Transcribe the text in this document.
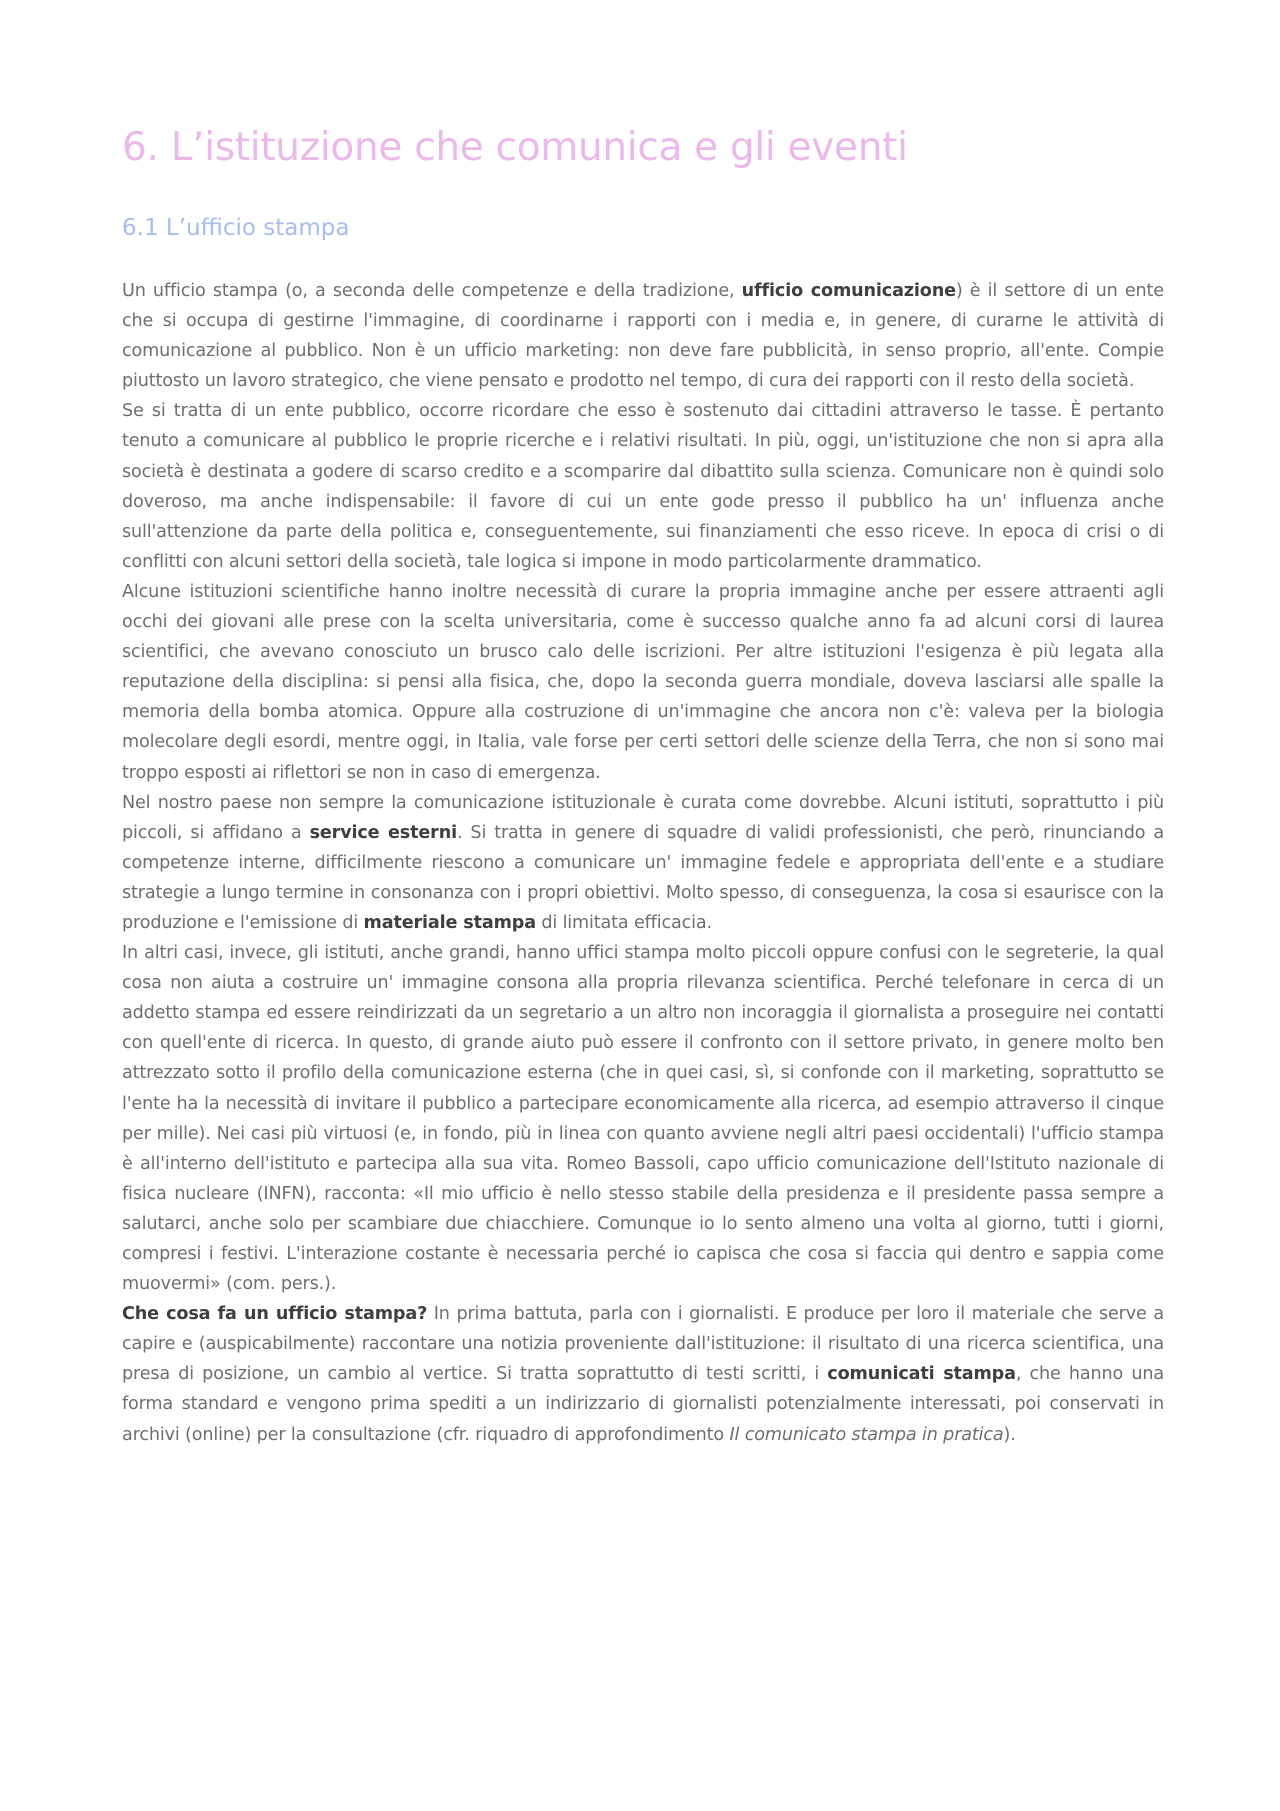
6. L’istituzione che comunica e gli eventi
6.1 L’ufficio stampa

Un ufficio stampa (o, a seconda delle competenze e della tradizione, ufficio comunicazione) è il settore di un ente che si occupa di gestirne l'immagine, di coordinarne i rapporti con i media e, in genere, di curarne le attività di comunicazione al pubblico. Non è un ufficio marketing: non deve fare pubblicità, in senso proprio, all'ente. Compie piuttosto un lavoro strategico, che viene pensato e prodotto nel tempo, di cura dei rapporti con il resto della società.

Se si tratta di un ente pubblico, occorre ricordare che esso è sostenuto dai cittadini attraverso le tasse. È pertanto tenuto a comunicare al pubblico le proprie ricerche e i relativi risultati. In più, oggi, un'istituzione che non si apra alla società è destinata a godere di scarso credito e a scomparire dal dibattito sulla scienza. Comunicare non è quindi solo doveroso, ma anche indispensabile: il favore di cui un ente gode presso il pubblico ha un' influenza anche sull'attenzione da parte della politica e, conseguentemente, sui finanziamenti che esso riceve. In epoca di crisi o di conflitti con alcuni settori della società, tale logica si impone in modo particolarmente drammatico.

Alcune istituzioni scientifiche hanno inoltre necessità di curare la propria immagine anche per essere attraenti agli occhi dei giovani alle prese con la scelta universitaria, come è successo qualche anno fa ad alcuni corsi di laurea scientifici, che avevano conosciuto un brusco calo delle iscrizioni. Per altre istituzioni l'esigenza è più legata alla reputazione della disciplina: si pensi alla fisica, che, dopo la seconda guerra mondiale, doveva lasciarsi alle spalle la memoria della bomba atomica. Oppure alla costruzione di un'immagine che ancora non c'è: valeva per la biologia molecolare degli esordi, mentre oggi, in Italia, vale forse per certi settori delle scienze della Terra, che non si sono mai troppo esposti ai riflettori se non in caso di emergenza.

Nel nostro paese non sempre la comunicazione istituzionale è curata come dovrebbe. Alcuni istituti, soprattutto i più piccoli, si affidano a service esterni. Si tratta in genere di squadre di validi professionisti, che però, rinunciando a competenze interne, difficilmente riescono a comunicare un' immagine fedele e appropriata dell'ente e a studiare strategie a lungo termine in consonanza con i propri obiettivi. Molto spesso, di conseguenza, la cosa si esaurisce con la produzione e l'emissione di materiale stampa di limitata efficacia.

In altri casi, invece, gli istituti, anche grandi, hanno uffici stampa molto piccoli oppure confusi con le segreterie, la qual cosa non aiuta a costruire un' immagine consona alla propria rilevanza scientifica. Perché telefonare in cerca di un addetto stampa ed essere reindirizzati da un segretario a un altro non incoraggia il giornalista a proseguire nei contatti con quell'ente di ricerca. In questo, di grande aiuto può essere il confronto con il settore privato, in genere molto ben attrezzato sotto il profilo della comunicazione esterna (che in quei casi, sì, si confonde con il marketing, soprattutto se l'ente ha la necessità di invitare il pubblico a partecipare economicamente alla ricerca, ad esempio attraverso il cinque per mille). Nei casi più virtuosi (e, in fondo, più in linea con quanto avviene negli altri paesi occidentali) l'ufficio stampa è all'interno dell'istituto e partecipa alla sua vita. Romeo Bassoli, capo ufficio comunicazione dell'Istituto nazionale di fisica nucleare (INFN), racconta: «Il mio ufficio è nello stesso stabile della presidenza e il presidente passa sempre a salutarci, anche solo per scambiare due chiacchiere. Comunque io lo sento almeno una volta al giorno, tutti i giorni, compresi i festivi. L'interazione costante è necessaria perché io capisca che cosa si faccia qui dentro e sappia come muovermi» (com. pers.).

Che cosa fa un ufficio stampa? In prima battuta, parla con i giornalisti. E produce per loro il materiale che serve a capire e (auspicabilmente) raccontare una notizia proveniente dall'istituzione: il risultato di una ricerca scientifica, una presa di posizione, un cambio al vertice. Si tratta soprattutto di testi scritti, i comunicati stampa, che hanno una forma standard e vengono prima spediti a un indirizzario di giornalisti potenzialmente interessati, poi conservati in archivi (online) per la consultazione (cfr. riquadro di approfondimento Il comunicato stampa in pratica).
